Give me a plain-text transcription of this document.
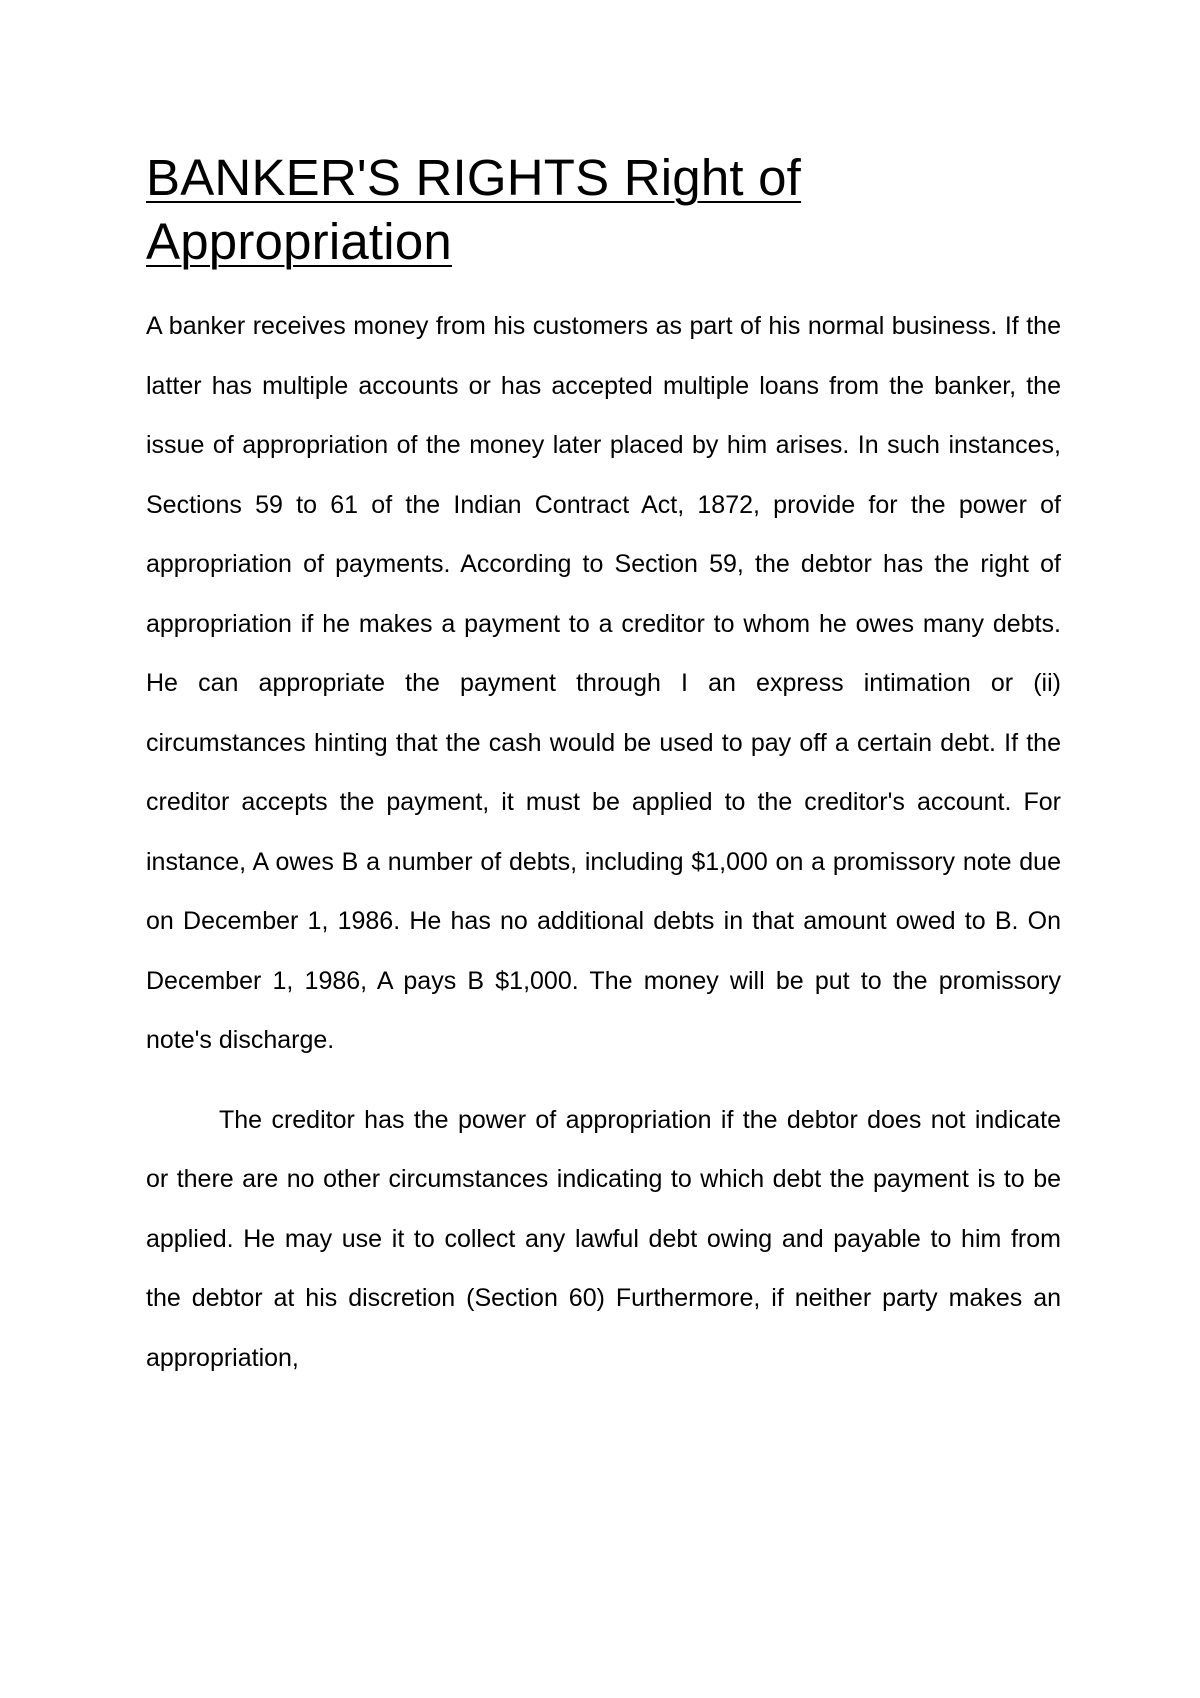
BANKER'S RIGHTS Right of Appropriation

A banker receives money from his customers as part of his normal business. If the latter has multiple accounts or has accepted multiple loans from the banker, the issue of appropriation of the money later placed by him arises. In such instances, Sections 59 to 61 of the Indian Contract Act, 1872, provide for the power of appropriation of payments. According to Section 59, the debtor has the right of appropriation if he makes a payment to a creditor to whom he owes many debts. He can appropriate the payment through I an express intimation or (ii) circumstances hinting that the cash would be used to pay off a certain debt. If the creditor accepts the payment, it must be applied to the creditor's account. For instance, A owes B a number of debts, including $1,000 on a promissory note due on December 1, 1986. He has no additional debts in that amount owed to B. On December 1, 1986, A pays B $1,000. The money will be put to the promissory note's discharge.

The creditor has the power of appropriation if the debtor does not indicate or there are no other circumstances indicating to which debt the payment is to be applied. He may use it to collect any lawful debt owing and payable to him from the debtor at his discretion (Section 60) Furthermore, if neither party makes an appropriation,
